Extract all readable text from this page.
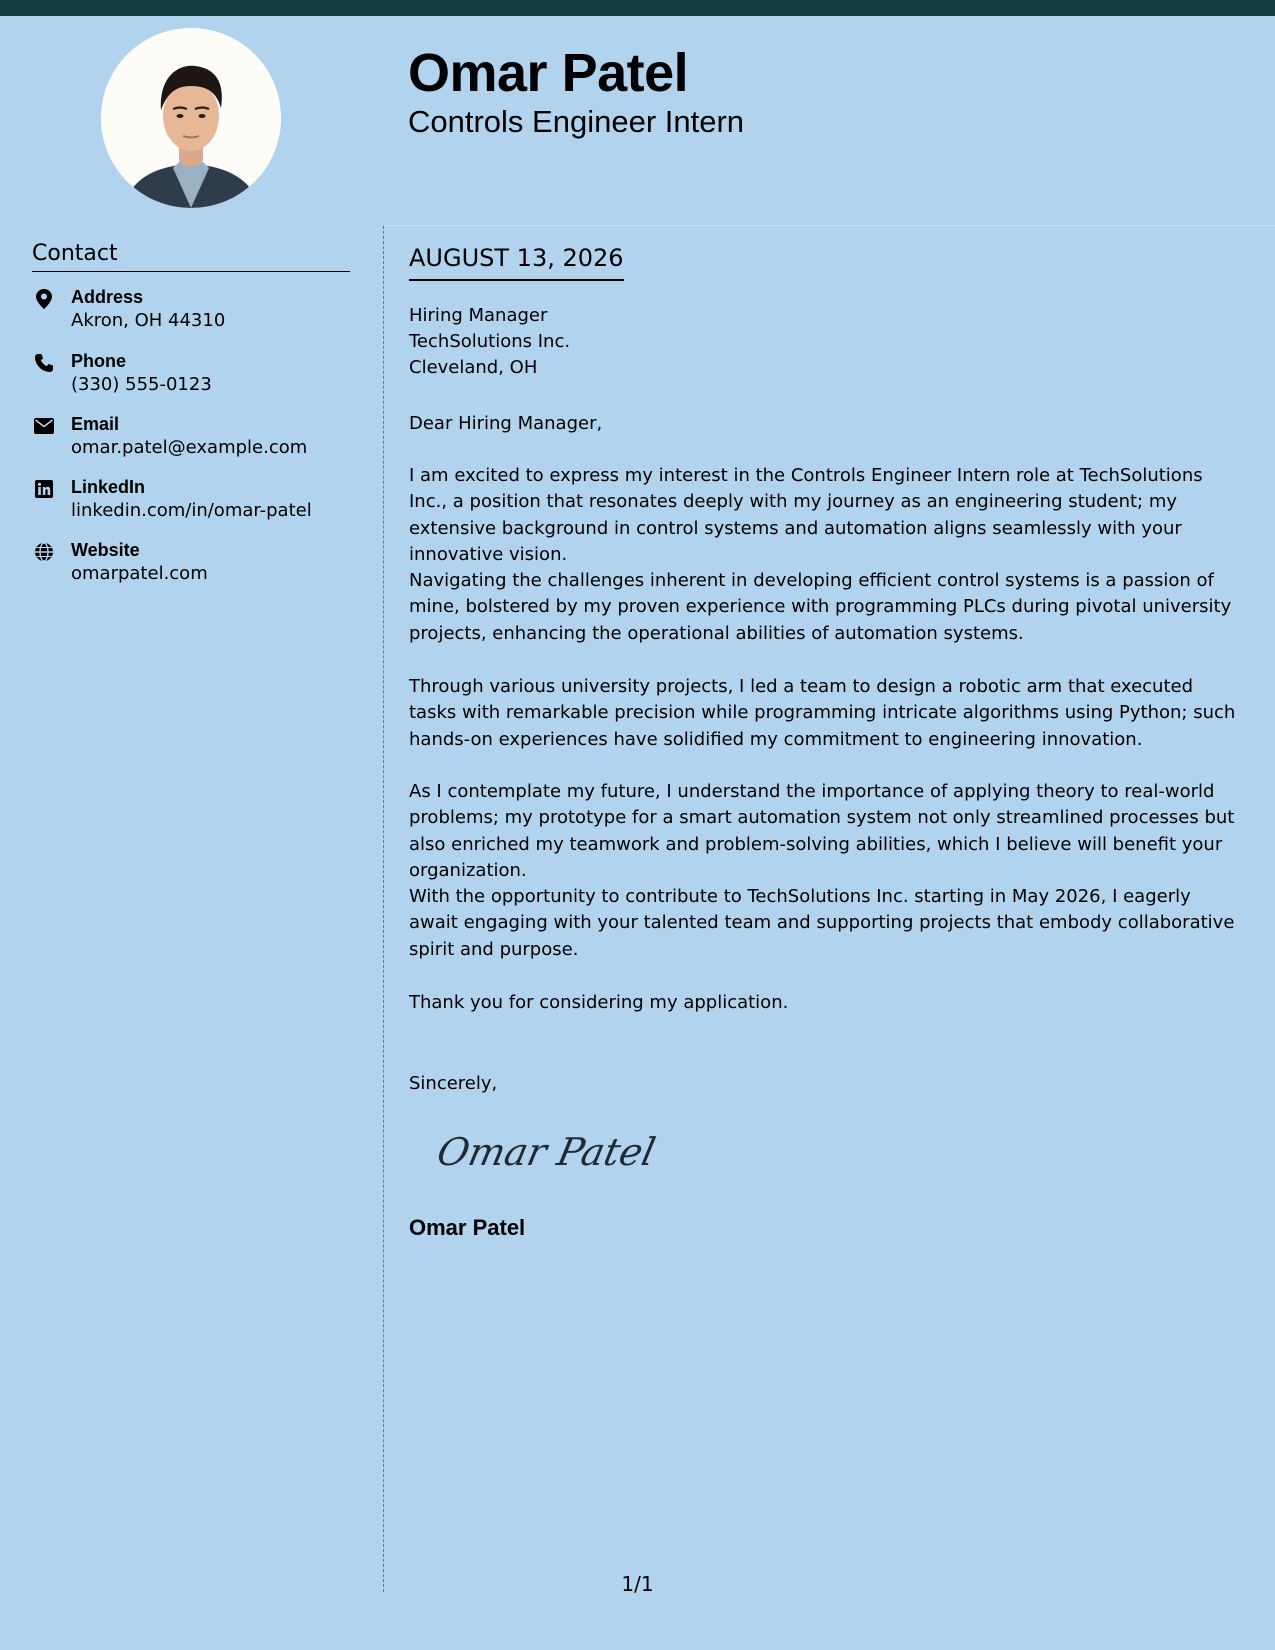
Omar Patel
Controls Engineer Intern
Contact
Address
Akron, OH 44310
Phone
(330) 555-0123
Email
omar.patel@example.com
LinkedIn
linkedin.com/in/omar-patel
Website
omarpatel.com
AUGUST 13, 2026
Hiring Manager
TechSolutions Inc.
Cleveland, OH
Dear Hiring Manager,

I am excited to express my interest in the Controls Engineer Intern role at TechSolutions Inc., a position that resonates deeply with my journey as an engineering student; my extensive background in control systems and automation aligns seamlessly with your innovative vision.

Navigating the challenges inherent in developing efficient control systems is a passion of mine, bolstered by my proven experience with programming PLCs during pivotal university projects, enhancing the operational abilities of automation systems.

Through various university projects, I led a team to design a robotic arm that executed tasks with remarkable precision while programming intricate algorithms using Python; such hands-on experiences have solidified my commitment to engineering innovation.

As I contemplate my future, I understand the importance of applying theory to real-world problems; my prototype for a smart automation system not only streamlined processes but also enriched my teamwork and problem-solving abilities, which I believe will benefit your organization.

With the opportunity to contribute to TechSolutions Inc. starting in May 2026, I eagerly await engaging with your talented team and supporting projects that embody collaborative spirit and purpose.

Thank you for considering my application.

Sincerely,
Omar Patel
Omar Patel
1/1
